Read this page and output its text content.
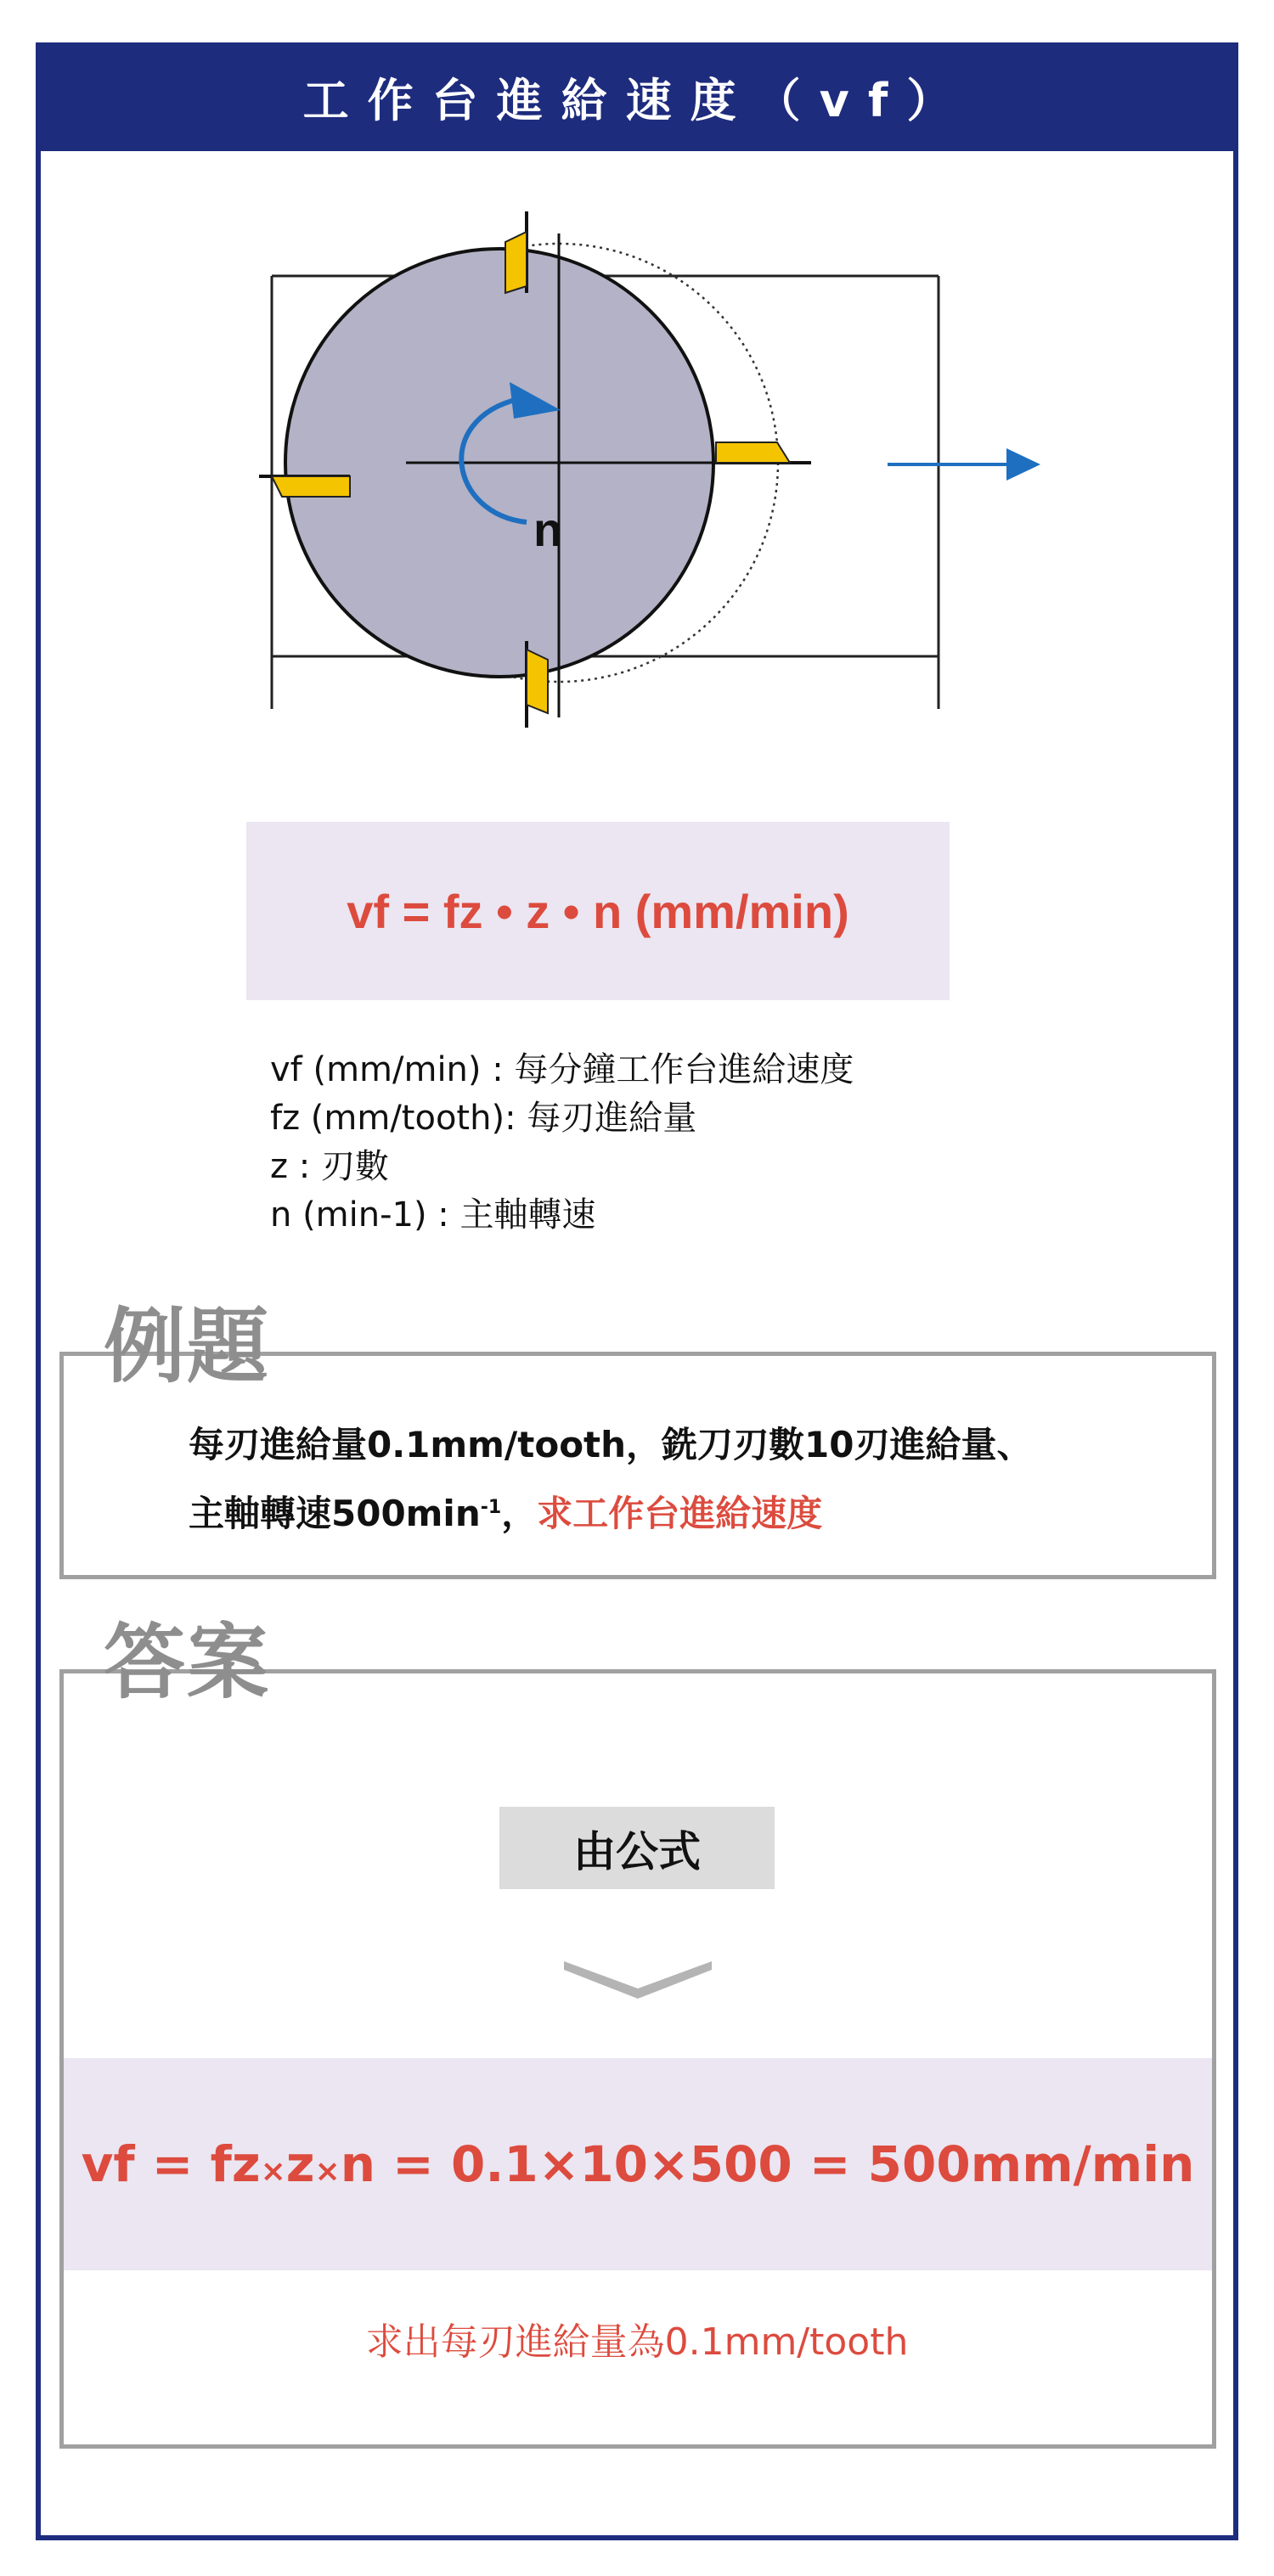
工作台進給速度（vf）
n
vf = fz • z • n (mm/min)
vf (mm/min) : 每分鐘工作台進給速度
fz (mm/tooth): 每刃進給量
z : 刃數
n (min-1) : 主軸轉速
例題
每刃進給量0.1mm/tooth，銑刀刃數10刃進給量、
主軸轉速$500\min^{-1}$，求工作台進給速度
答案
由公式
vf = fz×z×n = 0.1×10×500 = 500mm/min
求出每刃進給量為0.1mm/tooth
